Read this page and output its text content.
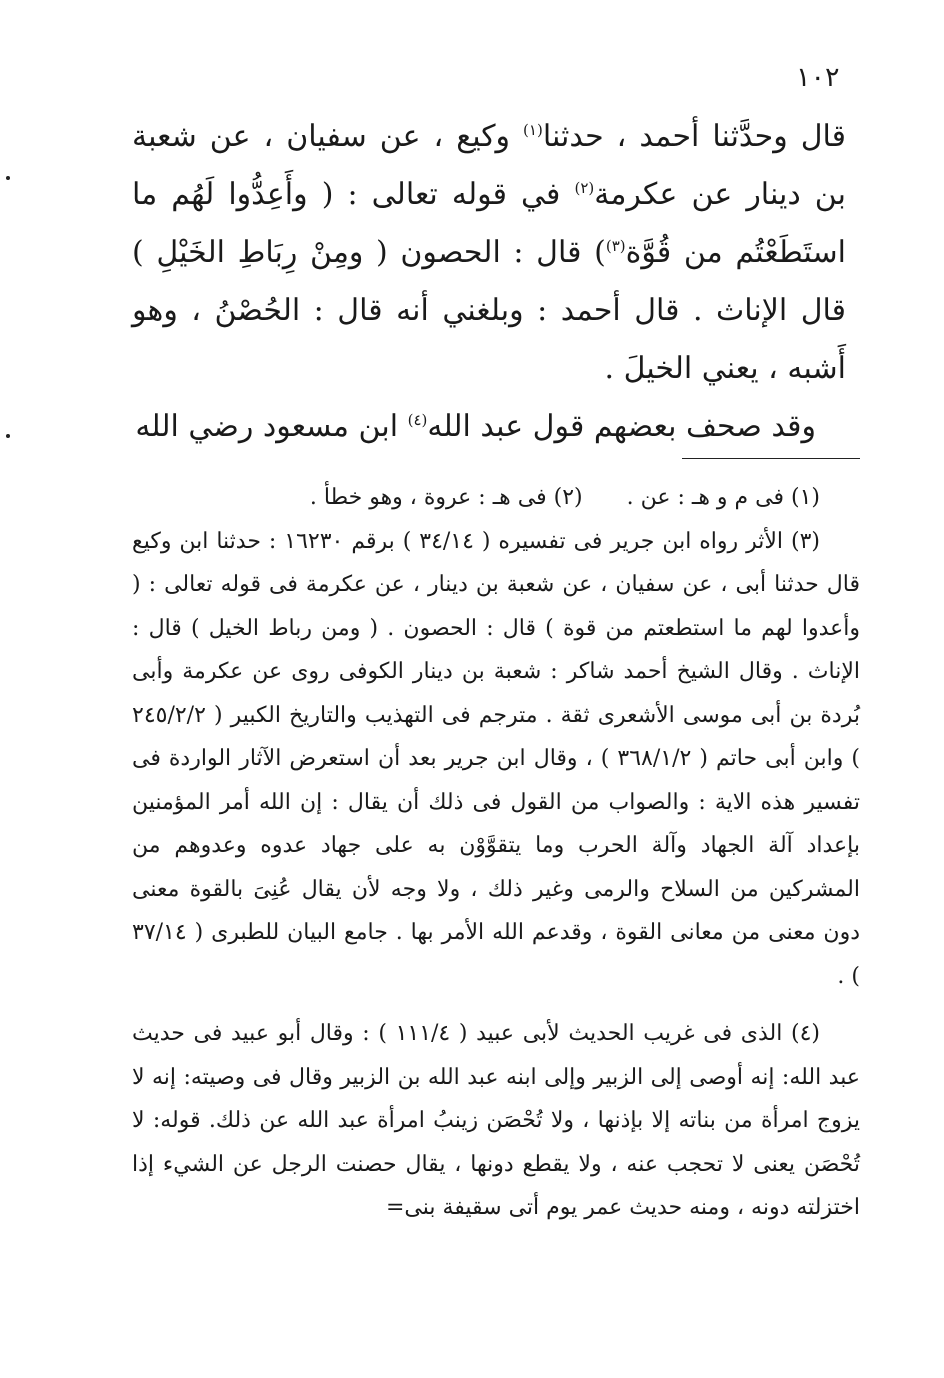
١٠٢

قال وحدَّثنا أحمد ، حدثنا$^{(١)}$ وكيع ، عن سفيان ، عن شعبة بن دينار عن عكرمة$^{(٢)}$ في قوله تعالى : ( وأَعِدُّوا لَهُم ما استَطَعْتُم من قُوَّة$^{(٣)}$) قال : الحصون ( ومِنْ رِبَاطِ الخَيْلِ ) قال الإناث . قال أحمد : وبلغني أنه قال : الحُصْنُ ، وهو أَشبه ، يعني الخيلَ .

وقد صحف بعضهم قول عبد الله$^{(٤)}$ ابن مسعود رضي الله

(١) فى م و هـ : عن .(٢) فى هـ : عروة ، وهو خطأ .

(٣) الأثر رواه ابن جرير فى تفسيره ( ٣٤/١٤ ) برقم ١٦٢٣٠ : حدثنا ابن وكيع قال حدثنا أبى ، عن سفيان ، عن شعبة بن دينار ، عن عكرمة فى قوله تعالى : ( وأعدوا لهم ما استطعتم من قوة ) قال : الحصون . ( ومن رباط الخيل ) قال : الإناث . وقال الشيخ أحمد شاكر : شعبة بن دينار الكوفى روى عن عكرمة وأبى بُردة بن أبى موسى الأشعرى ثقة . مترجم فى التهذيب والتاريخ الكبير ( ٢٤٥/٢/٢ ) وابن أبى حاتم ( ٣٦٨/١/٢ ) ، وقال ابن جرير بعد أن استعرض الآثار الواردة فى تفسير هذه الاية : والصواب من القول فى ذلك أن يقال : إن الله أمر المؤمنين بإعداد آلة الجهاد وآلة الحرب وما يتقوَّوْن به على جهاد عدوه وعدوهم من المشركين من السلاح والرمى وغير ذلك ، ولا وجه لأن يقال عُنِىَ بالقوة معنى دون معنى من معانى القوة ، وقدعم الله الأمر بها . جامع البيان للطبرى ( ٣٧/١٤ ) .

(٤) الذى فى غريب الحديث لأبى عبيد ( ١١١/٤ ) : وقال أبو عبيد فى حديث عبد الله: إنه أوصى إلى الزبير وإلى ابنه عبد الله بن الزبير وقال فى وصيته: إنه لا يزوج امرأة من بناته إلا بإذنها ، ولا تُحْصَن زينبُ امرأة عبد الله عن ذلك. قوله: لا تُحْصَن يعنى لا تحجب عنه ، ولا يقطع دونها ، يقال حصنت الرجل عن الشيء إذا اختزلته دونه ، ومنه حديث عمر يوم أتى سقيفة بنى=
